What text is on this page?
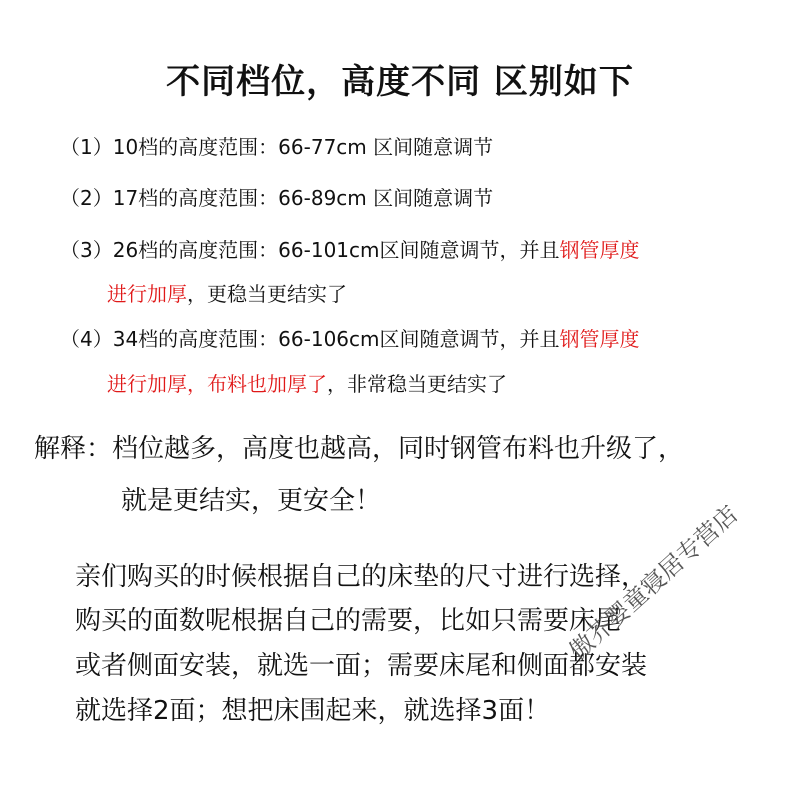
不同档位，高度不同 区别如下
（1）10档的高度范围：66-77cm 区间随意调节
（2）17档的高度范围：66-89cm 区间随意调节
（3）26档的高度范围：66-101cm区间随意调节，并且钢管厚度
进行加厚，更稳当更结实了
（4）34档的高度范围：66-106cm区间随意调节，并且钢管厚度
进行加厚，布料也加厚了，非常稳当更结实了
解释：档位越多，高度也越高，同时钢管布料也升级了，
就是更结实，更安全！
亲们购买的时候根据自己的床垫的尺寸进行选择，
购买的面数呢根据自己的需要，比如只需要床尾
或者侧面安装，就选一面；需要床尾和侧面都安装
就选择2面；想把床围起来，就选择3面！
傲芥婴童寝居专营店
